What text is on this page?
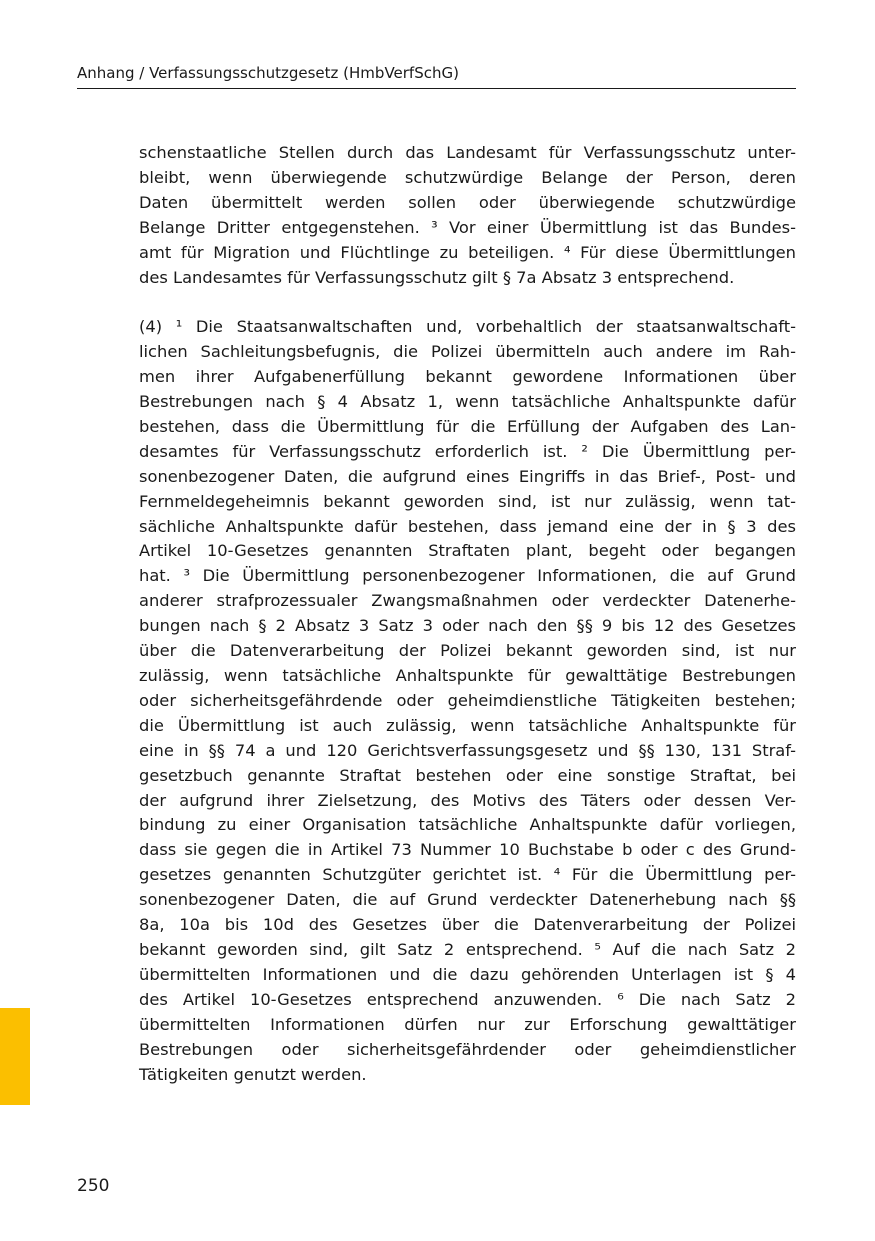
Anhang / Verfassungsschutzgesetz (HmbVerfSchG)

schenstaatliche Stellen durch das Landesamt für Verfassungsschutz unter-
bleibt, wenn überwiegende schutzwürdige Belange der Person, deren
Daten übermittelt werden sollen oder überwiegende schutzwürdige
Belange Dritter entgegenstehen. ³ Vor einer Übermittlung ist das Bundes-
amt für Migration und Flüchtlinge zu beteiligen. ⁴ Für diese Übermittlungen
des Landesamtes für Verfassungsschutz gilt § 7a Absatz 3 entsprechend.

(4) ¹ Die Staatsanwaltschaften und, vorbehaltlich der staatsanwaltschaft-
lichen Sachleitungsbefugnis, die Polizei übermitteln auch andere im Rah-
men ihrer Aufgabenerfüllung bekannt gewordene Informationen über
Bestrebungen nach § 4 Absatz 1, wenn tatsächliche Anhaltspunkte dafür
bestehen, dass die Übermittlung für die Erfüllung der Aufgaben des Lan-
desamtes für Verfassungsschutz erforderlich ist. ² Die Übermittlung per-
sonenbezogener Daten, die aufgrund eines Eingriffs in das Brief-, Post- und
Fernmeldegeheimnis bekannt geworden sind, ist nur zulässig, wenn tat-
sächliche Anhaltspunkte dafür bestehen, dass jemand eine der in § 3 des
Artikel 10-Gesetzes genannten Straftaten plant, begeht oder begangen
hat. ³ Die Übermittlung personenbezogener Informationen, die auf Grund
anderer strafprozessualer Zwangsmaßnahmen oder verdeckter Datenerhe-
bungen nach § 2 Absatz 3 Satz 3 oder nach den §§ 9 bis 12 des Gesetzes
über die Datenverarbeitung der Polizei bekannt geworden sind, ist nur
zulässig, wenn tatsächliche Anhaltspunkte für gewalttätige Bestrebungen
oder sicherheitsgefährdende oder geheimdienstliche Tätigkeiten bestehen;
die Übermittlung ist auch zulässig, wenn tatsächliche Anhaltspunkte für
eine in §§ 74 a und 120 Gerichtsverfassungsgesetz und §§ 130, 131 Straf-
gesetzbuch genannte Straftat bestehen oder eine sonstige Straftat, bei
der aufgrund ihrer Zielsetzung, des Motivs des Täters oder dessen Ver-
bindung zu einer Organisation tatsächliche Anhaltspunkte dafür vorliegen,
dass sie gegen die in Artikel 73 Nummer 10 Buchstabe b oder c des Grund-
gesetzes genannten Schutzgüter gerichtet ist. ⁴ Für die Übermittlung per-
sonenbezogener Daten, die auf Grund verdeckter Datenerhebung nach §§
8a, 10a bis 10d des Gesetzes über die Datenverarbeitung der Polizei
bekannt geworden sind, gilt Satz 2 entsprechend. ⁵ Auf die nach Satz 2
übermittelten Informationen und die dazu gehörenden Unterlagen ist § 4
des Artikel 10-Gesetzes entsprechend anzuwenden. ⁶ Die nach Satz 2
übermittelten Informationen dürfen nur zur Erforschung gewalttätiger
Bestrebungen oder sicherheitsgefährdender oder geheimdienstlicher
Tätigkeiten genutzt werden.

250
